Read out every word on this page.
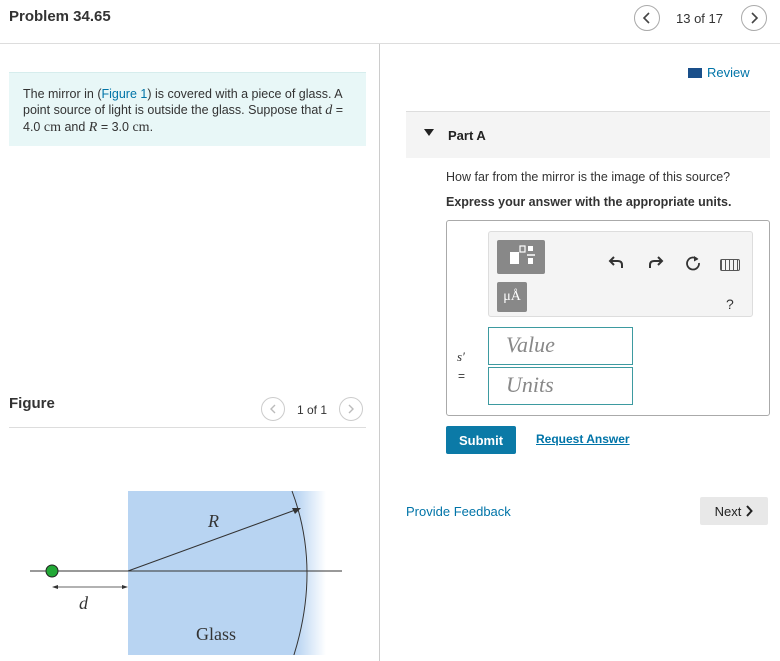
Problem 34.65	13 of 17
The mirror in (Figure 1) is covered with a piece of glass. A point source of light is outside the glass. Suppose that d = 4.0 cm and R = 3.0 cm.
Figure	1 of 1
R
d
Glass
Review
Part A
How far from the mirror is the image of this source?
Express your answer with the appropriate units.
μÅ	?
s′
=
Value
Units
Submit	Request Answer
Provide Feedback	Next
